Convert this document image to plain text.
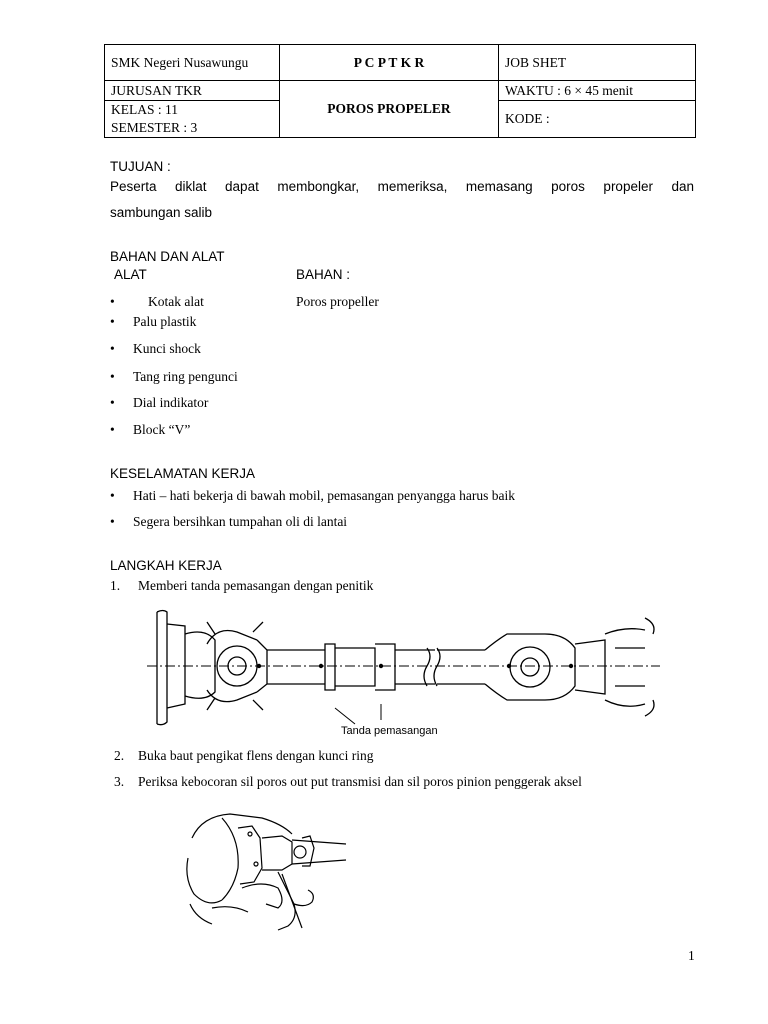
SMK Negeri Nusawungu	P C P T K R	JOB SHET
JURUSAN TKR	POROS PROPELER	WAKTU : 6 × 45 menit

KELAS : 11
SEMESTER : 3		KODE :
TUJUAN :
Peserta diklat dapat membongkar, memeriksa, memasang poros propeler dan
sambungan salib
BAHAN DAN ALAT
ALAT	BAHAN :
• Kotak alat	Poros propeller
• Palu plastik
• Kunci shock
• Tang ring pengunci
• Dial indikator
• Block “V”
KESELAMATAN KERJA
• Hati – hati bekerja di bawah mobil, pemasangan penyangga harus baik
• Segera bersihkan tumpahan oli di lantai
LANGKAH KERJA
1. Memberi tanda pemasangan dengan penitik
Tanda pemasangan
2. Buka baut pengikat flens dengan kunci ring
3. Periksa kebocoran sil poros out put transmisi dan sil poros pinion penggerak aksel
1
